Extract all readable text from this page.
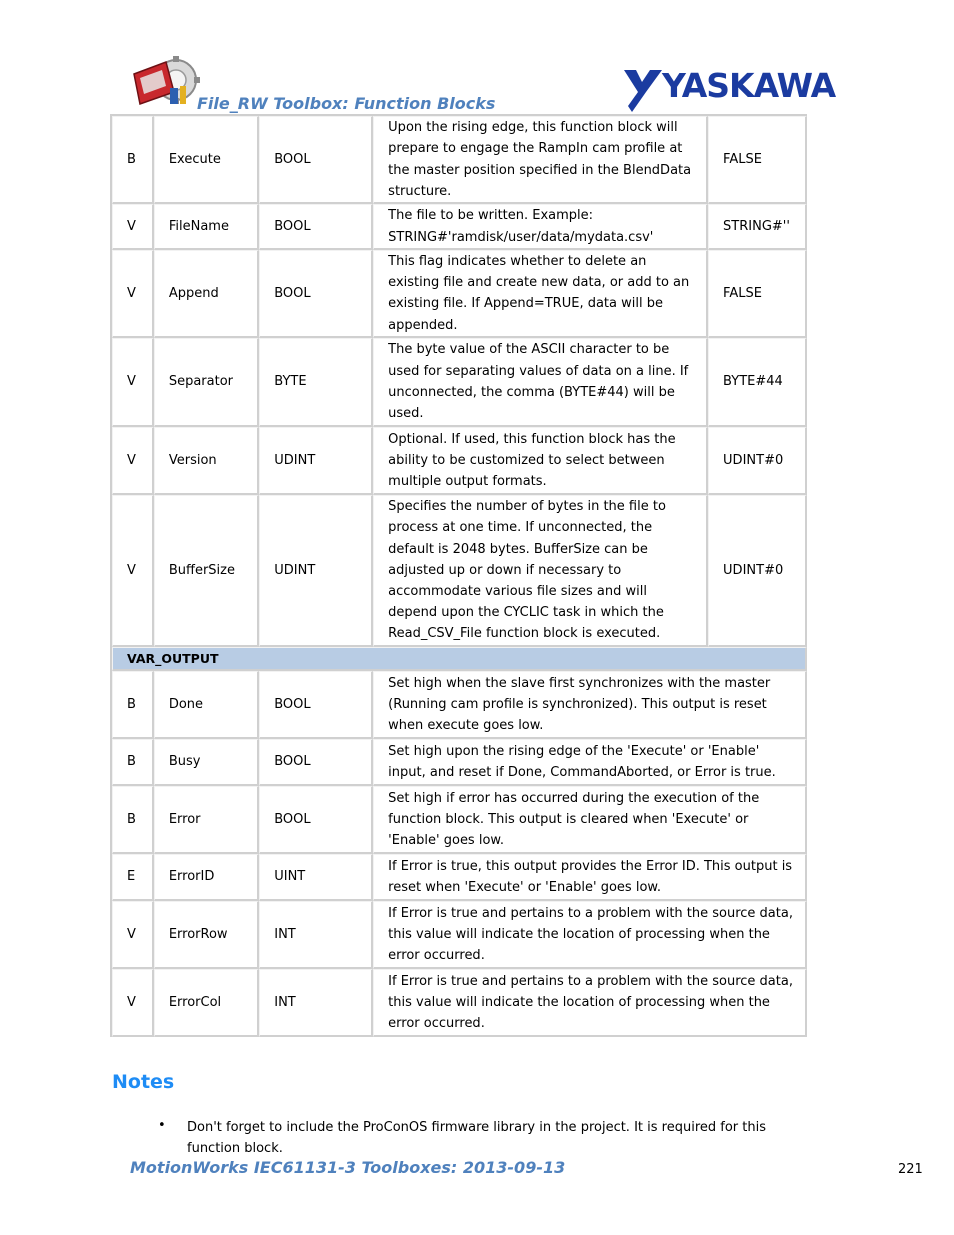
File_RW Toolbox: Function Blocks	YASKAWA
B	Execute	BOOL	Upon the rising edge, this function block will prepare to engage the RampIn cam profile at the master position specified in the BlendData structure.	FALSE
V	FileName	BOOL	The file to be written. Example: STRING#'ramdisk/user/data/mydata.csv'	STRING#''
V	Append	BOOL	This flag indicates whether to delete an existing file and create new data, or add to an existing file. If Append=TRUE, data will be appended.	FALSE
V	Separator	BYTE	The byte value of the ASCII character to be used for separating values of data on a line. If unconnected, the comma (BYTE#44) will be used.	BYTE#44
V	Version	UDINT	Optional. If used, this function block has the ability to be customized to select between multiple output formats.	UDINT#0
V	BufferSize	UDINT	Specifies the number of bytes in the file to process at one time. If unconnected, the default is 2048 bytes. BufferSize can be adjusted up or down if necessary to accommodate various file sizes and will depend upon the CYCLIC task in which the Read_CSV_File function block is executed.	UDINT#0
VAR_OUTPUT				
B	Done	BOOL	Set high when the slave first synchronizes with the master (Running cam profile is synchronized). This output is reset when execute goes low.	
B	Busy	BOOL	Set high upon the rising edge of the 'Execute' or 'Enable' input, and reset if Done, CommandAborted, or Error is true.	
B	Error	BOOL	Set high if error has occurred during the execution of the function block. This output is cleared when 'Execute' or 'Enable' goes low.	
E	ErrorID	UINT	If Error is true, this output provides the Error ID. This output is reset when 'Execute' or 'Enable' goes low.	
V	ErrorRow	INT	If Error is true and pertains to a problem with the source data, this value will indicate the location of processing when the error occurred.	
V	ErrorCol	INT	If Error is true and pertains to a problem with the source data, this value will indicate the location of processing when the error occurred.	
Notes
• Don't forget to include the ProConOS firmware library in the project. It is required for this function block.
MotionWorks IEC61131-3 Toolboxes: 2013-09-13	221
